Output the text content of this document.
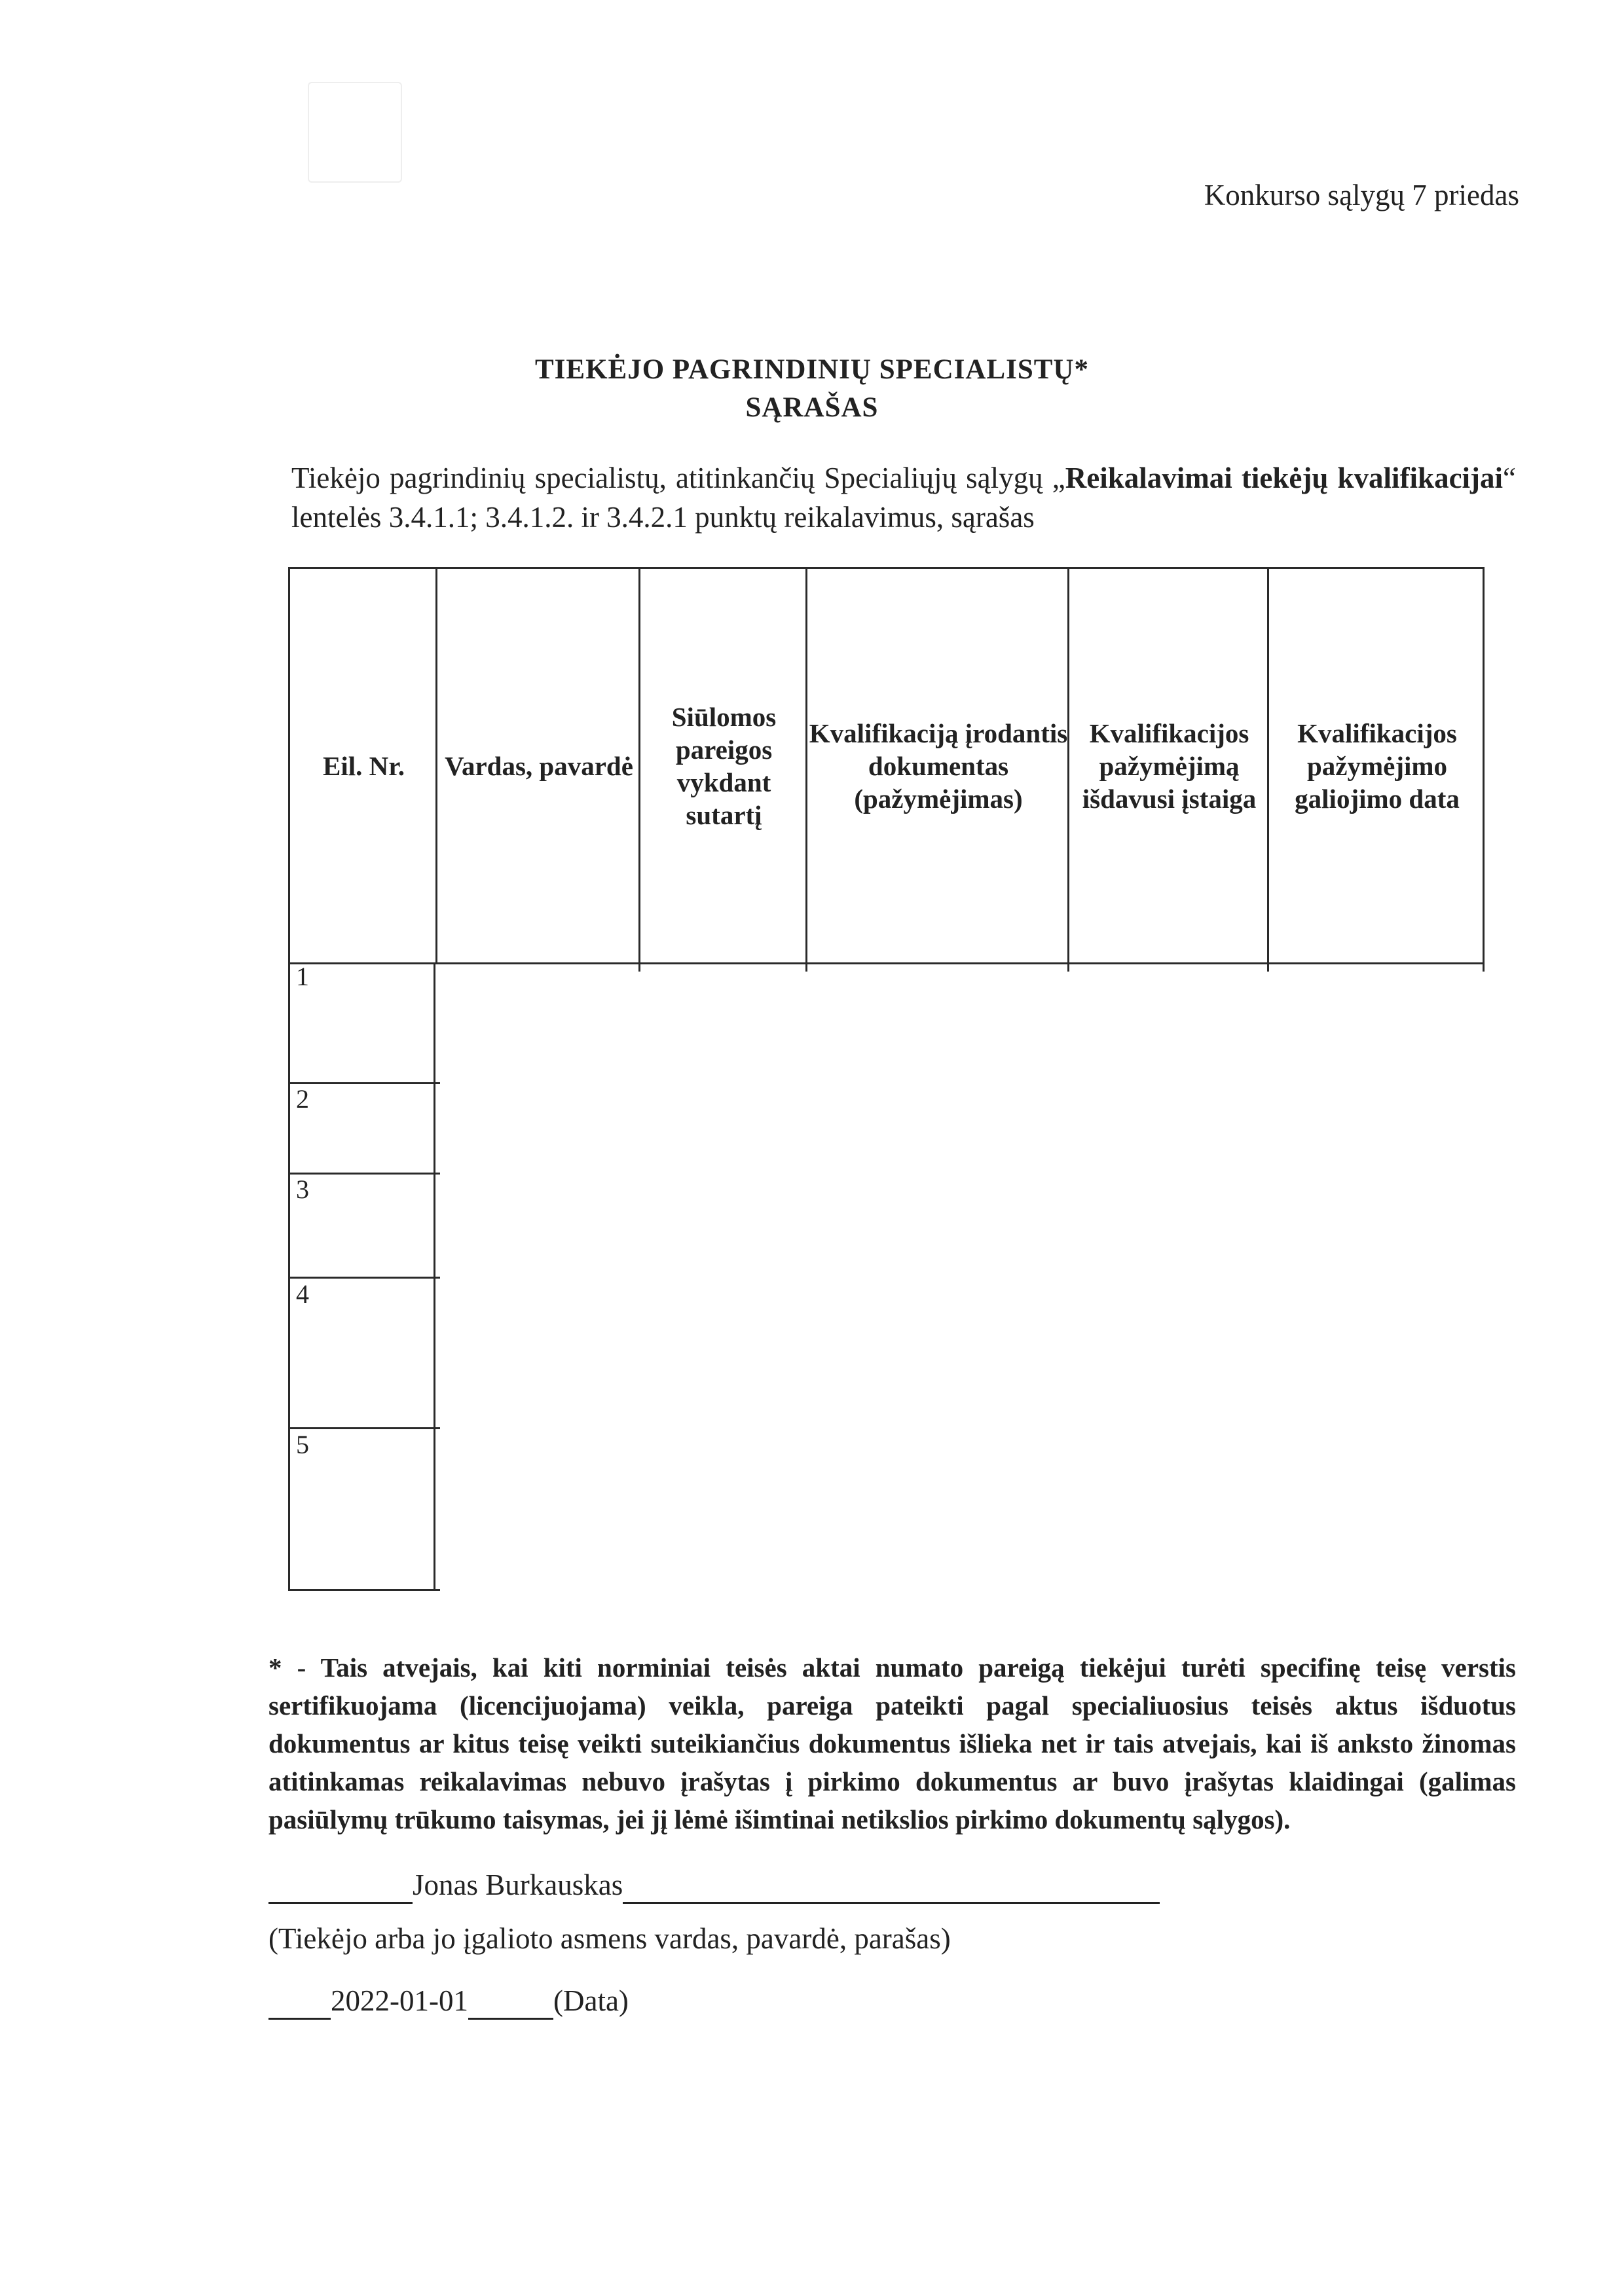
Konkurso sąlygų 7 priedas
TIEKĖJO PAGRINDINIŲ SPECIALISTŲ*
SĄRAŠAS
Tiekėjo pagrindinių specialistų, atitinkančių Specialiųjų sąlygų „Reikalavimai tiekėjų kvalifikacijai“ lentelės 3.4.1.1; 3.4.1.2. ir 3.4.2.1 punktų reikalavimus, sąrašas
Eil. Nr.	Vardas, pavardė
Siūlomos pareigos vykdant sutartį
Kvalifikaciją įrodantis dokumentas (pažymėjimas)
Kvalifikacijos pažymėjimą išdavusi įstaiga
Kvalifikacijos pažymėjimo galiojimo data
1
2
3
4
5
* - Tais atvejais, kai kiti norminiai teisės aktai numato pareigą tiekėjui turėti specifinę teisę verstis sertifikuojama (licencijuojama) veikla, pareiga pateikti pagal specialiuosius teisės aktus išduotus dokumentus ar kitus teisę veikti suteikiančius dokumentus išlieka net ir tais atvejais, kai iš anksto žinomas atitinkamas reikalavimas nebuvo įrašytas į pirkimo dokumentus ar buvo įrašytas klaidingai (galimas pasiūlymų trūkumo taisymas, jei jį lėmė išimtinai netikslios pirkimo dokumentų sąlygos).
Jonas Burkauskas
(Tiekėjo arba jo įgalioto asmens vardas, pavardė, parašas)
2022-01-01	(Data)
